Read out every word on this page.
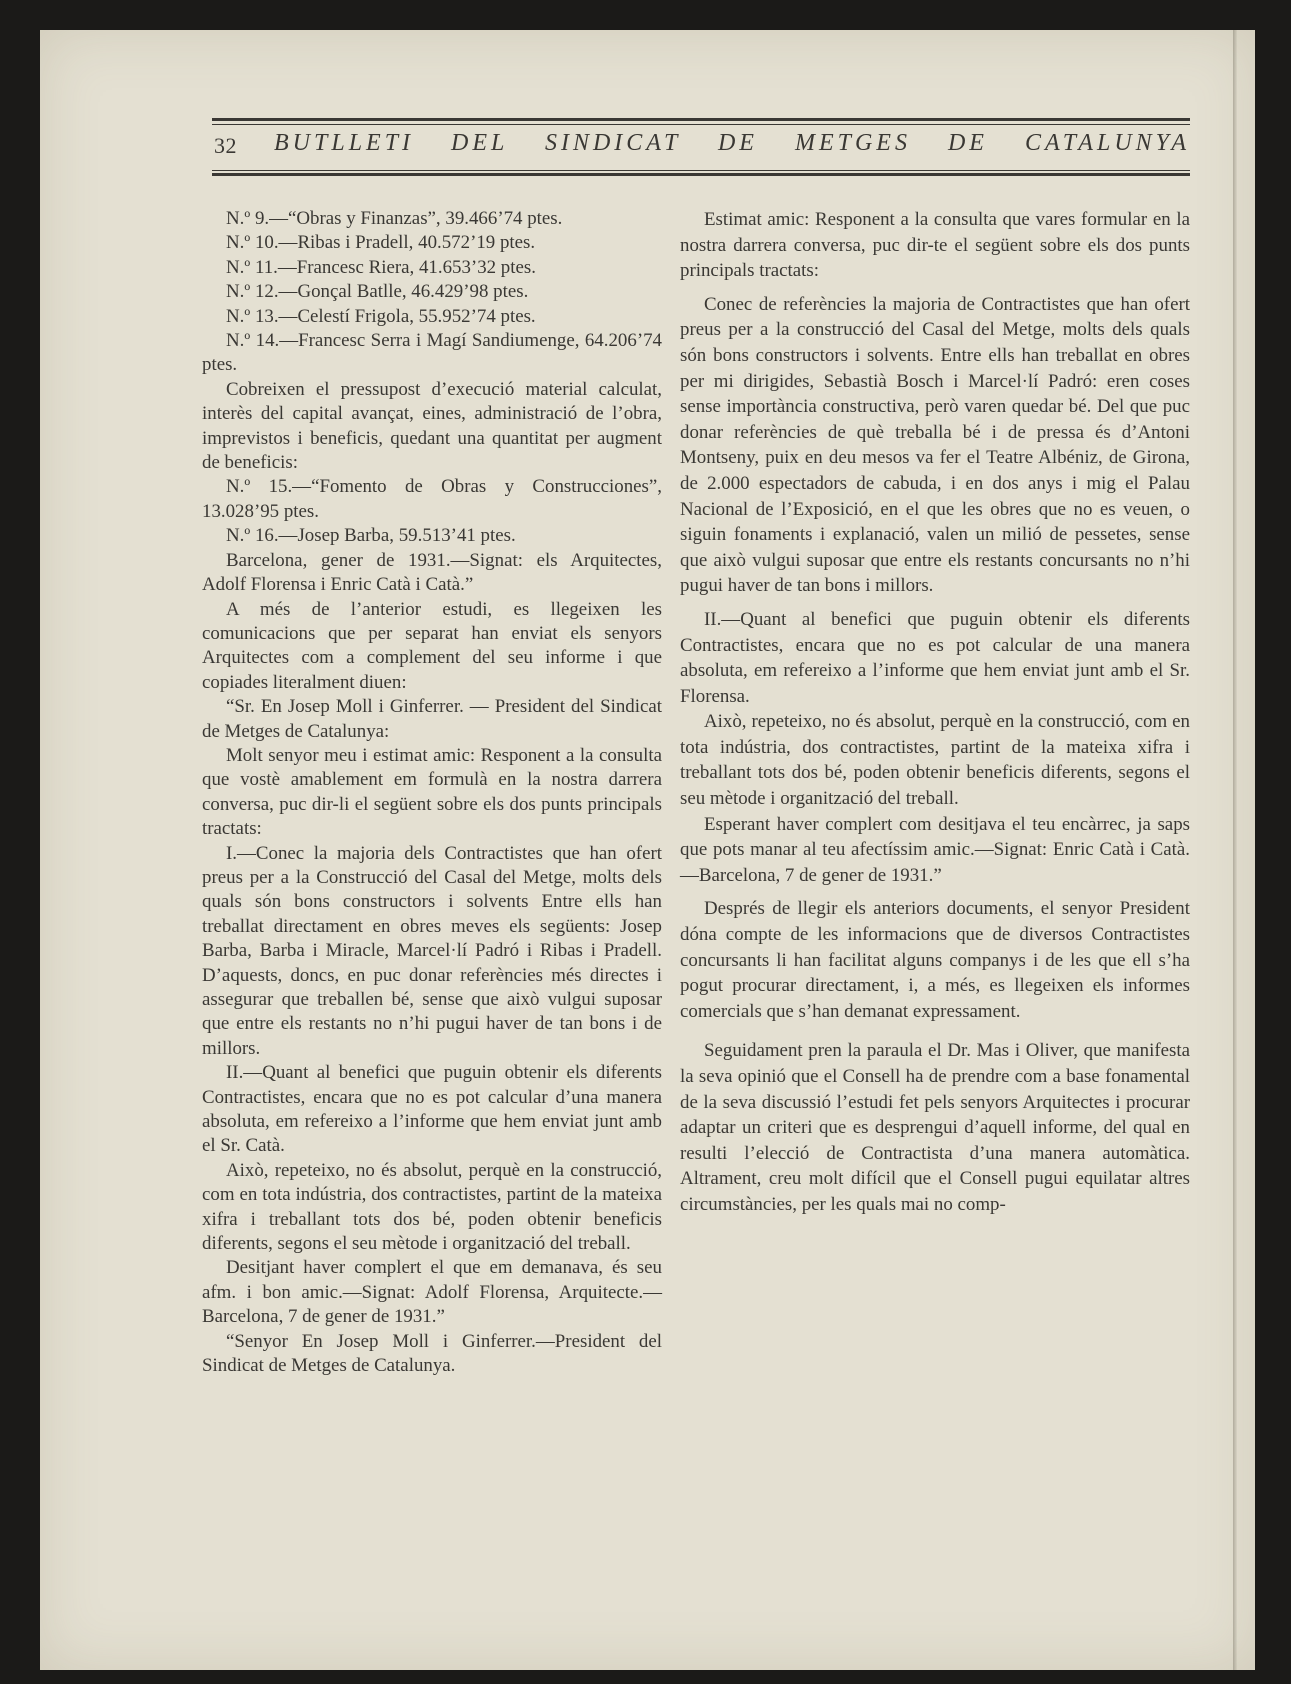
32 BUTLLETI DEL SINDICAT DE METGES DE CATALUNYA

N.º 9.—“Obras y Finanzas”, 39.466’74 ptes.

N.º 10.—Ribas i Pradell, 40.572’19 ptes.

N.º 11.—Francesc Riera, 41.653’32 ptes.

N.º 12.—Gonçal Batlle, 46.429’98 ptes.

N.º 13.—Celestí Frigola, 55.952’74 ptes.

N.º 14.—Francesc Serra i Magí Sandiumenge, 64.206’74 ptes.

Cobreixen el pressupost d’execució material calculat, interès del capital avançat, eines, administració de l’obra, imprevistos i beneficis, quedant una quantitat per augment de beneficis:

N.º 15.—“Fomento de Obras y Construcciones”, 13.028’95 ptes.

N.º 16.—Josep Barba, 59.513’41 ptes.

Barcelona, gener de 1931.—Signat: els Arquitectes, Adolf Florensa i Enric Catà i Catà.”

A més de l’anterior estudi, es llegeixen les comunicacions que per separat han enviat els senyors Arquitectes com a complement del seu informe i que copiades literalment diuen:

“Sr. En Josep Moll i Ginferrer. — President del Sindicat de Metges de Catalunya:

Molt senyor meu i estimat amic: Responent a la consulta que vostè amablement em formulà en la nostra darrera conversa, puc dir-li el següent sobre els dos punts principals tractats:

I.—Conec la majoria dels Contractistes que han ofert preus per a la Construcció del Casal del Metge, molts dels quals són bons constructors i solvents Entre ells han treballat directament en obres meves els següents: Josep Barba, Barba i Miracle, Marcel·lí Padró i Ribas i Pradell. D’aquests, doncs, en puc donar referències més directes i assegurar que treballen bé, sense que això vulgui suposar que entre els restants no n’hi pugui haver de tan bons i de millors.

II.—Quant al benefici que puguin obtenir els diferents Contractistes, encara que no es pot calcular d’una manera absoluta, em refereixo a l’informe que hem enviat junt amb el Sr. Catà.

Això, repeteixo, no és absolut, perquè en la construcció, com en tota indústria, dos contractistes, partint de la mateixa xifra i treballant tots dos bé, poden obtenir beneficis diferents, segons el seu mètode i organització del treball.

Desitjant haver complert el que em demanava, és seu afm. i bon amic.—Signat: Adolf Florensa, Arquitecte.—Barcelona, 7 de gener de 1931.”

“Senyor En Josep Moll i Ginferrer.—President del Sindicat de Metges de Catalunya.

Estimat amic: Responent a la consulta que vares formular en la nostra darrera conversa, puc dir-te el següent sobre els dos punts principals tractats:

Conec de referències la majoria de Contractistes que han ofert preus per a la construcció del Casal del Metge, molts dels quals són bons constructors i solvents. Entre ells han treballat en obres per mi dirigides, Sebastià Bosch i Marcel·lí Padró: eren coses sense importància constructiva, però varen quedar bé. Del que puc donar referències de què treballa bé i de pressa és d’Antoni Montseny, puix en deu mesos va fer el Teatre Albéniz, de Girona, de 2.000 espectadors de cabuda, i en dos anys i mig el Palau Nacional de l’Exposició, en el que les obres que no es veuen, o siguin fonaments i explanació, valen un milió de pessetes, sense que això vulgui suposar que entre els restants concursants no n’hi pugui haver de tan bons i millors.

II.—Quant al benefici que puguin obtenir els diferents Contractistes, encara que no es pot calcular de una manera absoluta, em refereixo a l’informe que hem enviat junt amb el Sr. Florensa.

Això, repeteixo, no és absolut, perquè en la construcció, com en tota indústria, dos contractistes, partint de la mateixa xifra i treballant tots dos bé, poden obtenir beneficis diferents, segons el seu mètode i organització del treball.

Esperant haver complert com desitjava el teu encàrrec, ja saps que pots manar al teu afectíssim amic.—Signat: Enric Catà i Catà.—Barcelona, 7 de gener de 1931.”

Després de llegir els anteriors documents, el senyor President dóna compte de les informacions que de diversos Contractistes concursants li han facilitat alguns companys i de les que ell s’ha pogut procurar directament, i, a més, es llegeixen els informes comercials que s’han demanat expressament.

Seguidament pren la paraula el Dr. Mas i Oliver, que manifesta la seva opinió que el Consell ha de prendre com a base fonamental de la seva discussió l’estudi fet pels senyors Arquitectes i procurar adaptar un criteri que es desprengui d’aquell informe, del qual en resulti l’elecció de Contractista d’una manera automàtica. Altrament, creu molt difícil que el Consell pugui equilatar altres circumstàncies, per les quals mai no comp-
